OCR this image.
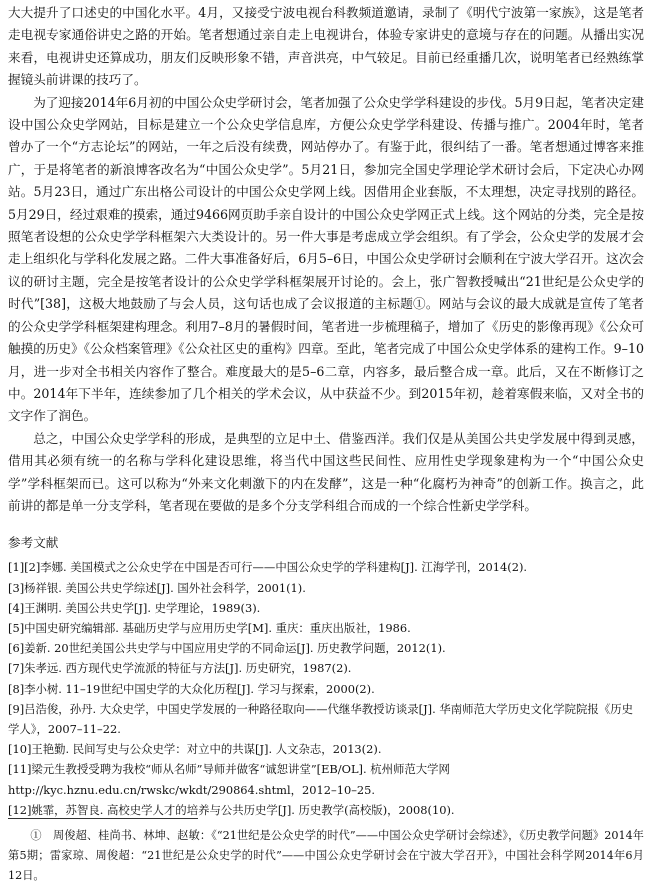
大大提升了口述史的中国化水平。4月，又接受宁波电视台科教频道邀请，录制了《明代宁波第一家族》，这是笔者走电视专家通俗讲史之路的开始。笔者想通过亲自走上电视讲台，体验专家讲史的意境与存在的问题。从播出实况来看，电视讲史还算成功，朋友们反映形象不错，声音洪亮，中气较足。目前已经重播几次，说明笔者已经熟练掌握镜头前讲课的技巧了。

为了迎接2014年6月初的中国公众史学研讨会，笔者加强了公众史学学科建设的步伐。5月9日起，笔者决定建设中国公众史学网站，目标是建立一个公众史学信息库，方便公众史学学科建设、传播与推广。2004年时，笔者曾办了一个“方志论坛”的网站，一年之后没有续费，网站停办了。有鉴于此，很纠结了一番。笔者想通过博客来推广，于是将笔者的新浪博客改名为“中国公众史学”。5月21日，参加完全国史学理论学术研讨会后，下定决心办网站。5月23日，通过广东出格公司设计的中国公众史学网上线。因借用企业套版，不太理想，决定寻找别的路径。5月29日，经过艰难的摸索，通过9466网页助手亲自设计的中国公众史学网正式上线。这个网站的分类，完全是按照笔者设想的公众史学学科框架六大类设计的。另一件大事是考虑成立学会组织。有了学会，公众史学的发展才会走上组织化与学科化发展之路。二件大事准备好后，6月5–6日，中国公众史学研讨会顺利在宁波大学召开。这次会议的研讨主题，完全是按笔者设计的公众史学学科框架展开讨论的。会上，张广智教授喊出“21世纪是公众史学的时代”[38]，这极大地鼓励了与会人员，这句话也成了会议报道的主标题①。网站与会议的最大成就是宣传了笔者的公众史学学科框架建构理念。利用7–8月的暑假时间，笔者进一步梳理稿子，增加了《历史的影像再现》《公众可触摸的历史》《公众档案管理》《公众社区史的重构》四章。至此，笔者完成了中国公众史学体系的建构工作。9–10月，进一步对全书相关内容作了整合。难度最大的是5–6二章，内容多，最后整合成一章。此后，又在不断修订之中。2014年下半年，连续参加了几个相关的学术会议，从中获益不少。到2015年初，趁着寒假来临，又对全书的文字作了润色。

总之，中国公众史学学科的形成，是典型的立足中土、借鉴西洋。我们仅是从美国公共史学发展中得到灵感，借用其必须有统一的名称与学科化建设思维，将当代中国这些民间性、应用性史学现象建构为一个“中国公众史学”学科框架而已。这可以称为“外来文化刺激下的内在发酵”，这是一种“化腐朽为神奇”的创新工作。换言之，此前讲的都是单一分支学科，笔者现在要做的是多个分支学科组合而成的一个综合性新史学学科。

参考文献
[1][2]李娜. 美国模式之公众史学在中国是否可行——中国公众史学的学科建构[J]. 江海学刊，2014(2).
[3]杨祥银. 美国公共史学综述[J]. 国外社会科学，2001(1).
[4]王渊明. 美国公共史学[J]. 史学理论，1989(3).
[5]中国史研究编辑部. 基础历史学与应用历史学[M]. 重庆：重庆出版社，1986.
[6]姜新. 20世纪美国公共史学与中国应用史学的不同命运[J]. 历史教学问题，2012(1).
[7]朱孝远. 西方现代史学流派的特征与方法[J]. 历史研究，1987(2).
[8]李小树. 11–19世纪中国史学的大众化历程[J]. 学习与探索，2000(2).
[9]吕浩俊，孙丹. 大众史学，中国史学发展的一种路径取向——代继华教授访谈录[J]. 华南师范大学历史文化学院院报《历史学人》，2007–11–22.
[10]王艳勤. 民间写史与公众史学：对立中的共谋[J]. 人文杂志，2013(2).
[11]梁元生教授受聘为我校“师从名师”导师并做客“诚恕讲堂”[EB/OL]. 杭州师范大学网http://kyc.hznu.edu.cn/rwskc/wkdt/290864.shtml，2012–10–25.
[12]姚霏，苏智良. 高校史学人才的培养与公共历史学[J]. 历史教学(高校版)，2008(10).

①　周俊超、桂尚书、林坤、赵敏：《“21世纪是公众史学的时代”——中国公众史学研讨会综述》，《历史教学问题》2014年第5期；雷家琼、周俊超：“21世纪是公众史学的时代”——中国公众史学研讨会在宁波大学召开》，中国社会科学网2014年6月12日。
